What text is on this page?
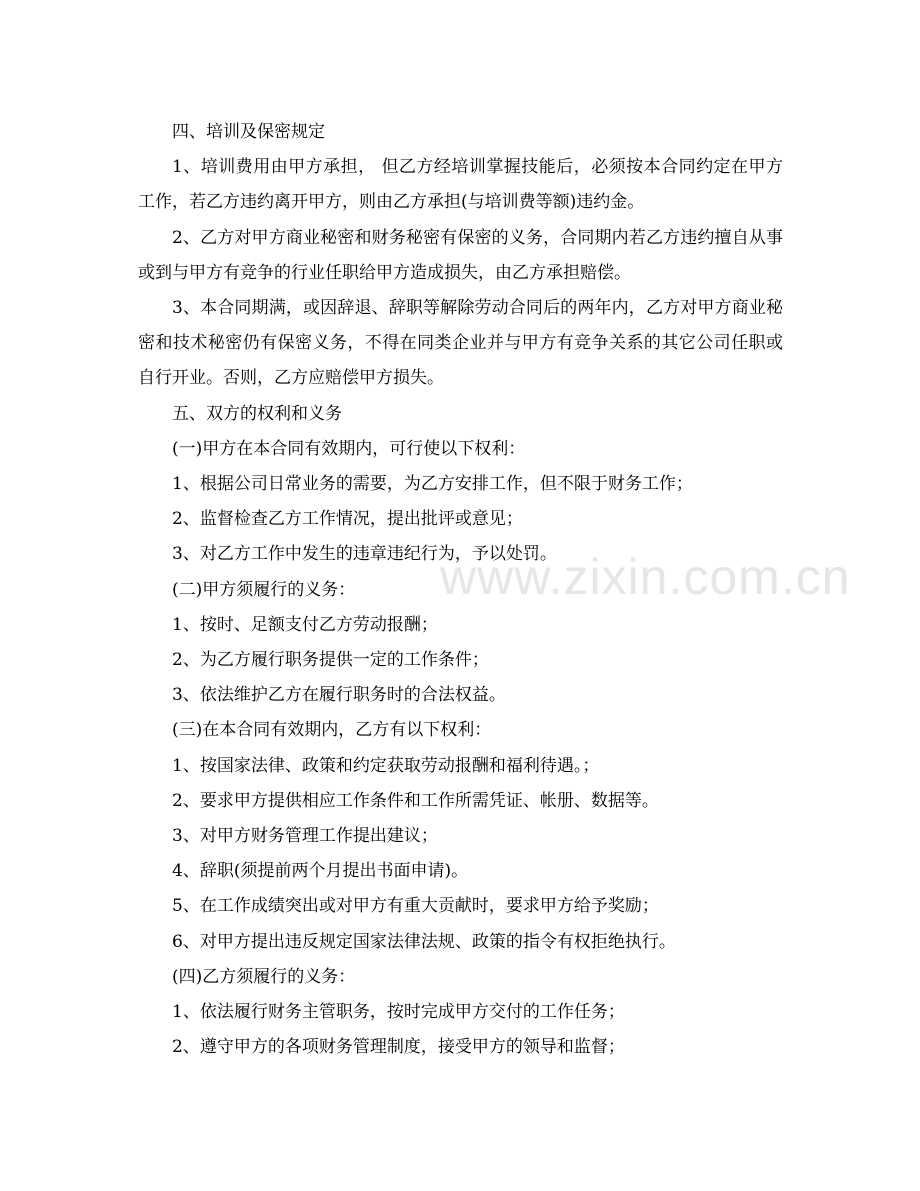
www.zixin.com.cn

四、培训及保密规定

1、培训费用由甲方承担， 但乙方经培训掌握技能后，必须按本合同约定在甲方工作，若乙方违约离开甲方，则由乙方承担(与培训费等额)违约金。

2、乙方对甲方商业秘密和财务秘密有保密的义务，合同期内若乙方违约擅自从事或到与甲方有竞争的行业任职给甲方造成损失，由乙方承担赔偿。

3、本合同期满，或因辞退、辞职等解除劳动合同后的两年内，乙方对甲方商业秘密和技术秘密仍有保密义务，不得在同类企业并与甲方有竞争关系的其它公司任职或自行开业。否则，乙方应赔偿甲方损失。

五、双方的权利和义务

(一)甲方在本合同有效期内，可行使以下权利：

1、根据公司日常业务的需要，为乙方安排工作，但不限于财务工作；

2、监督检查乙方工作情况，提出批评或意见；

3、对乙方工作中发生的违章违纪行为，予以处罚。

(二)甲方须履行的义务：

1、按时、足额支付乙方劳动报酬；

2、为乙方履行职务提供一定的工作条件；

3、依法维护乙方在履行职务时的合法权益。

(三)在本合同有效期内，乙方有以下权利：

1、按国家法律、政策和约定获取劳动报酬和福利待遇。；

2、要求甲方提供相应工作条件和工作所需凭证、帐册、数据等。

3、对甲方财务管理工作提出建议；

4、辞职(须提前两个月提出书面申请)。

5、在工作成绩突出或对甲方有重大贡献时，要求甲方给予奖励；

6、对甲方提出违反规定国家法律法规、政策的指令有权拒绝执行。

(四)乙方须履行的义务：

1、依法履行财务主管职务，按时完成甲方交付的工作任务；

2、遵守甲方的各项财务管理制度，接受甲方的领导和监督；
